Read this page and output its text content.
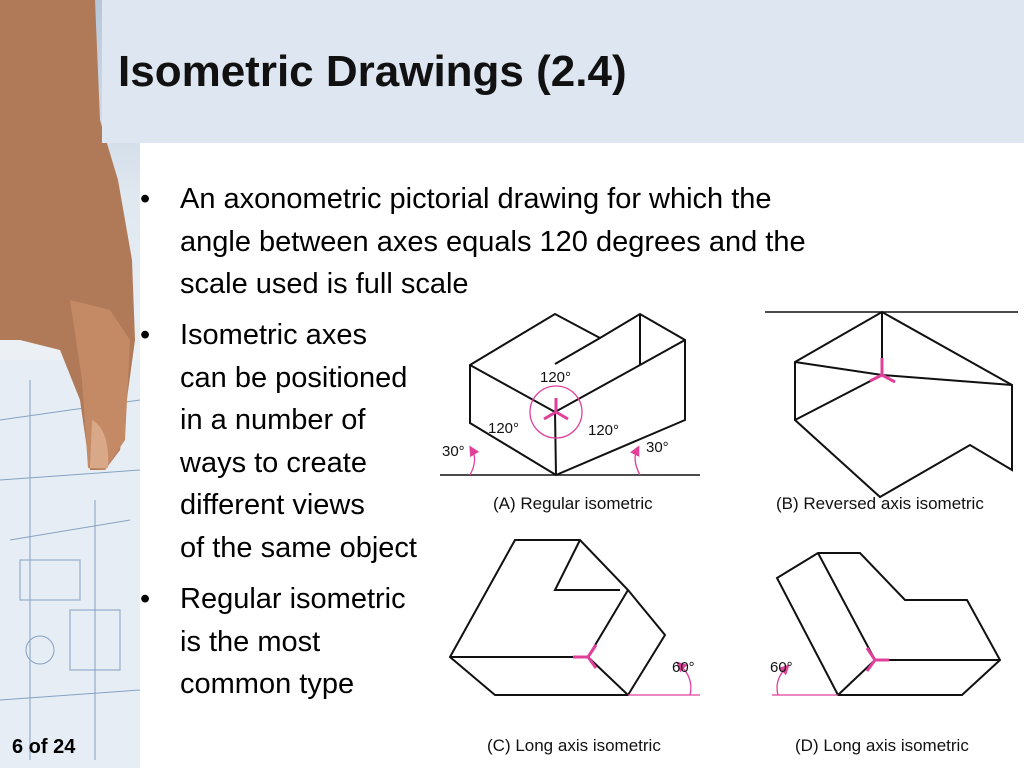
Isometric Drawings (2.4)
•	An axonometric pictorial drawing for which the
angle between axes equals 120 degrees and the
scale used is full scale
•	Isometric axes
can be positioned
in a number of
ways to create
different views
of the same object
•	Regular isometric
is the most
common type
120°
120°	120°
30°	30°
60°	60°
(A) Regular isometric	(B) Reversed axis isometric
(C) Long axis isometric	(D) Long axis isometric
6 of 24
